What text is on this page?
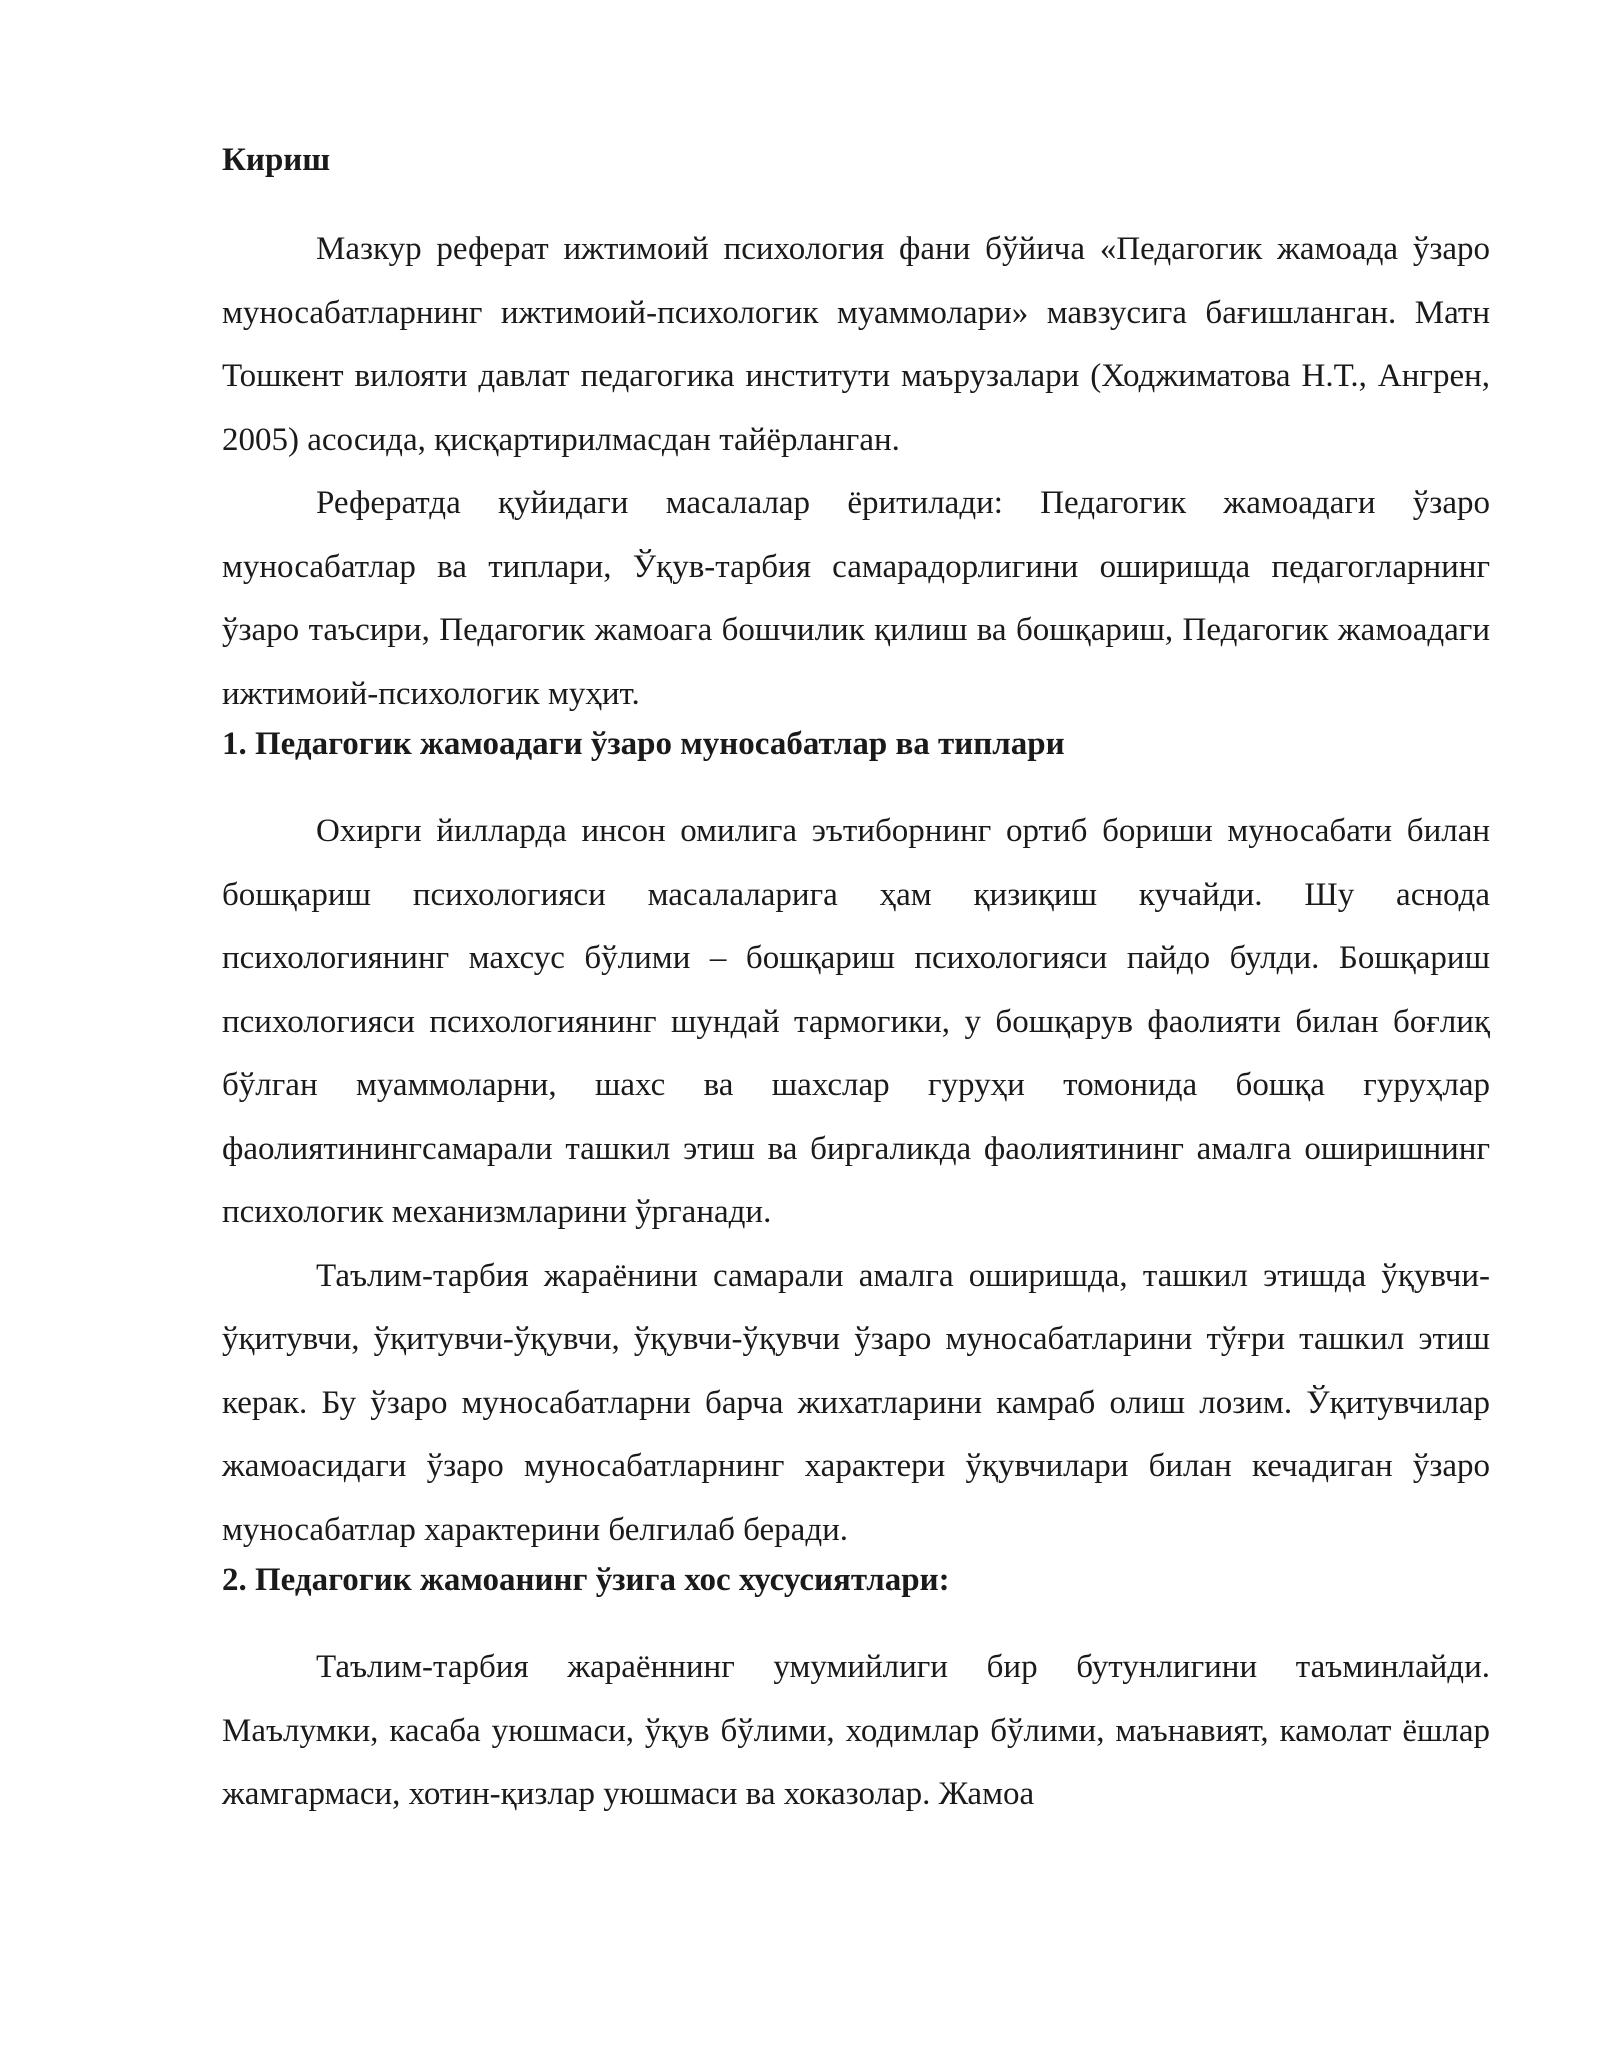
Кириш

Мазкур реферат ижтимоий психология фани бўйича «Педагогик жамоада ўзаро муносабатларнинг ижтимоий-психологик муаммолари» мавзусига бағишланган. Матн Тошкент вилояти давлат педагогика институти маърузалари (Ходжиматова Н.Т., Ангрен, 2005) асосида, қисқартирилмасдан тайёрланган.

Рефератда қуйидаги масалалар ёритилади: Педагогик жамоадаги ўзаро муносабатлар ва типлари, Ўқув-тарбия самарадорлигини оширишда педагогларнинг ўзаро таъсири, Педагогик жамоага бошчилик қилиш ва бошқариш, Педагогик жамоадаги ижтимоий-психологик муҳит.

1. Педагогик жамоадаги ўзаро муносабатлар ва типлари

Охирги йилларда инсон омилига эътиборнинг ортиб бориши муносабати билан бошқариш психологияси масалаларига ҳам қизиқиш кучайди. Шу аснода психологиянинг махсус бўлими – бошқариш психологияси пайдо булди. Бошқариш психологияси психологиянинг шундай тармогики, у бошқарув фаолияти билан боғлиқ бўлган муаммоларни, шахс ва шахслар гуруҳи томонида бошқа гуруҳлар фаолиятинингсамарали ташкил этиш ва биргаликда фаолиятининг амалга оширишнинг психологик механизмларини ўрганади.

Таълим-тарбия жараёнини самарали амалга оширишда, ташкил этишда ўқувчи-ўқитувчи, ўқитувчи-ўқувчи, ўқувчи-ўқувчи ўзаро муносабатларини тўғри ташкил этиш керак. Бу ўзаро муносабатларни барча жихатларини камраб олиш лозим. Ўқитувчилар жамоасидаги ўзаро муносабатларнинг характери ўқувчилари билан кечадиган ўзаро муносабатлар характерини белгилаб беради.

2. Педагогик жамоанинг ўзига хос хусусиятлари:

Таълим-тарбия жараённинг умумийлиги бир бутунлигини таъминлайди. Маълумки, касаба уюшмаси, ўқув бўлими, ходимлар бўлими, маънавият, камолат ёшлар жамгармаси, хотин-қизлар уюшмаси ва хоказолар. Жамоа
